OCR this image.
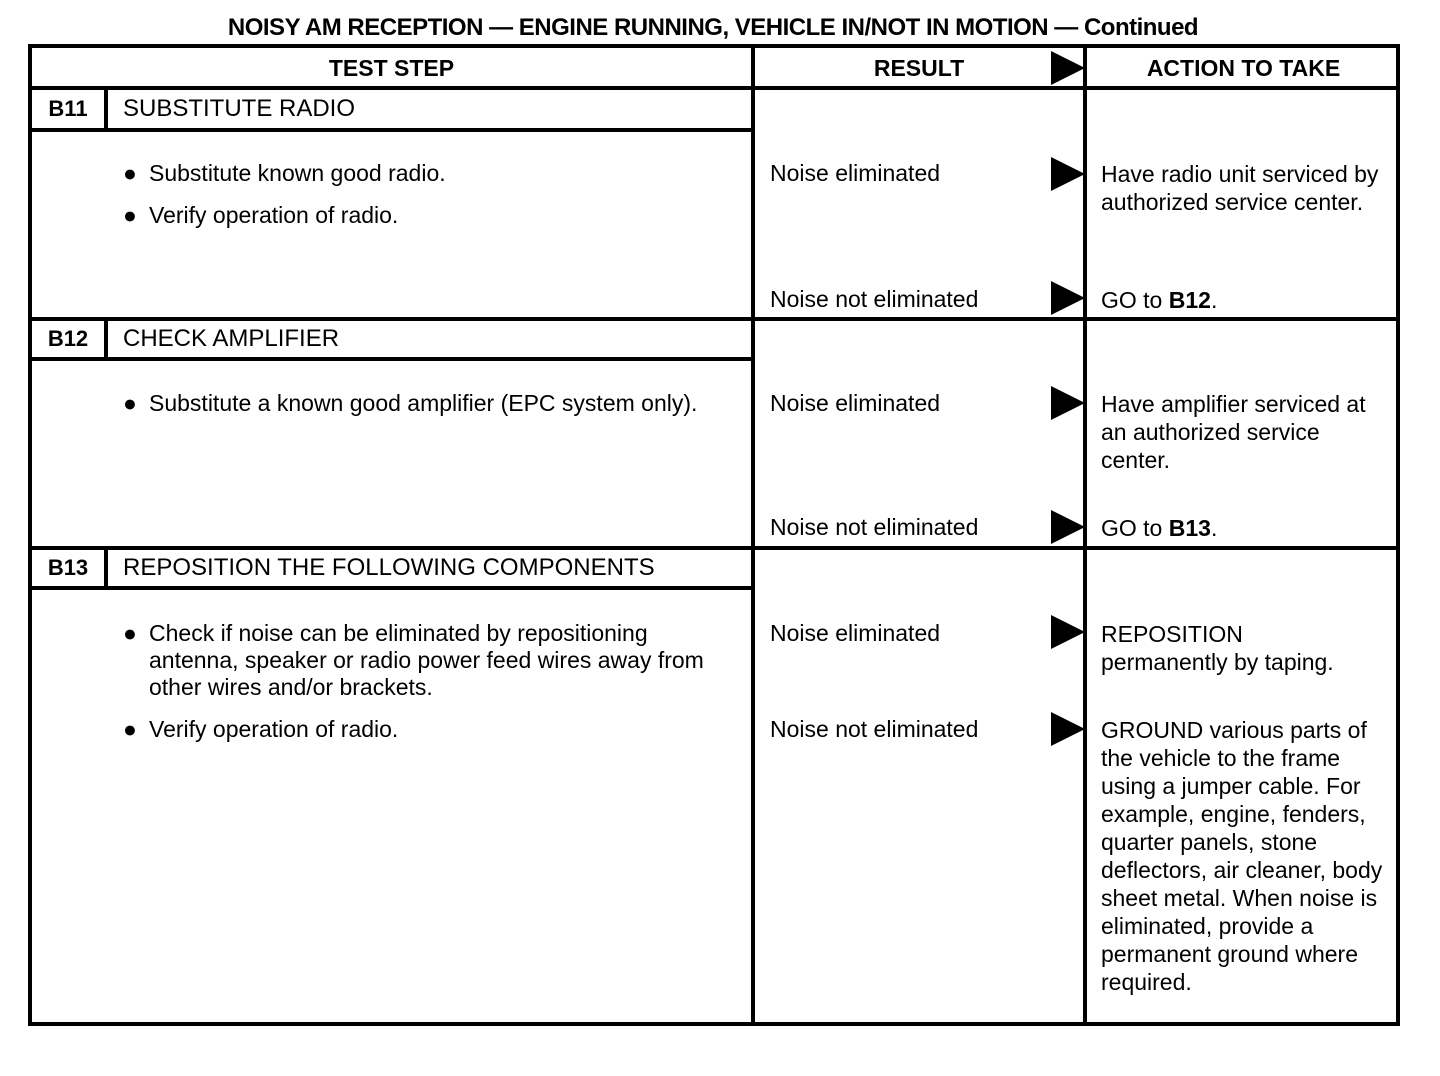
NOISY AM RECEPTION — ENGINE RUNNING, VEHICLE IN/NOT IN MOTION — Continued
TEST STEP	RESULT	ACTION TO TAKE
B11	SUBSTITUTE RADIO
● Substitute known good radio.
● Verify operation of radio.
Noise eliminated	Have radio unit serviced by authorized service center.
Noise not eliminated	GO to B12.
B12	CHECK AMPLIFIER
● Substitute a known good amplifier (EPC system only).	Noise eliminated	Have amplifier serviced at an authorized service center.
Noise not eliminated	GO to B13.
B13	REPOSITION THE FOLLOWING COMPONENTS
● Check if noise can be eliminated by repositioning antenna, speaker or radio power feed wires away from other wires and/or brackets.
● Verify operation of radio.
Noise eliminated	REPOSITION permanently by taping.
Noise not eliminated	GROUND various parts of the vehicle to the frame using a jumper cable. For example, engine, fenders, quarter panels, stone deflectors, air cleaner, body sheet metal. When noise is eliminated, provide a permanent ground where required.
